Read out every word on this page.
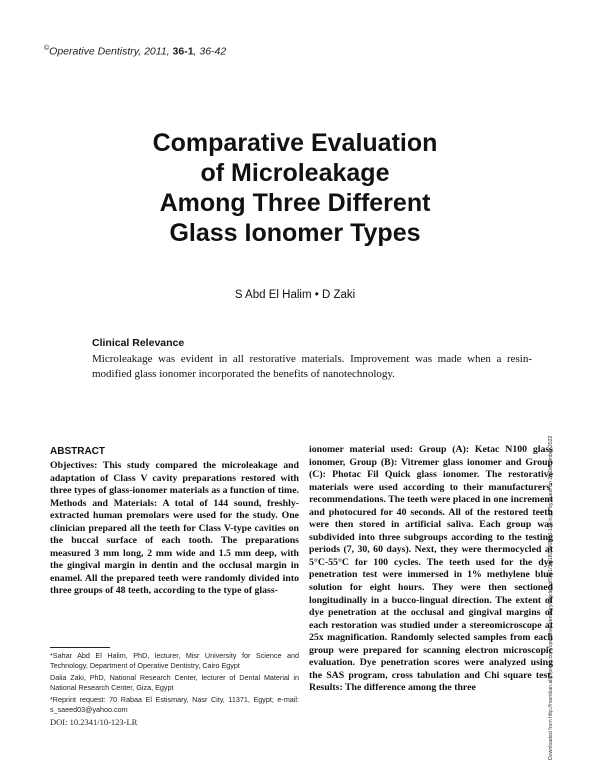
©Operative Dentistry, 2011, 36-1, 36-42
Comparative Evaluation
of Microleakage
Among Three Different
Glass Ionomer Types
S Abd El Halim • D Zaki
Clinical Relevance
Microleakage was evident in all restorative materials. Improvement was made when a resin-modified glass ionomer incorporated the benefits of nanotechnology.
Downloaded from http://meridian.allenpress.com/operative-dentistry/article-pdf/36/1/36/1822969/10-123-lr.pdf by guest on 23 December 2022
ABSTRACT
Objectives: This study compared the microleakage and adaptation of Class V cavity preparations restored with three types of glass-ionomer materials as a function of time. Methods and Materials: A total of 144 sound, freshly-extracted human premolars were used for the study. One clinician prepared all the teeth for Class V-type cavities on the buccal surface of each tooth. The preparations measured 3 mm long, 2 mm wide and 1.5 mm deep, with the gingival margin in dentin and the occlusal margin in enamel. All the prepared teeth were randomly divided into three groups of 48 teeth, according to the type of glass-
ionomer material used: Group (A): Ketac N100 glass ionomer, Group (B): Vitremer glass ionomer and Group (C): Photac Fil Quick glass ionomer. The restorative materials were used according to their manufacturers' recommendations. The teeth were placed in one increment and photocured for 40 seconds. All of the restored teeth were then stored in artificial saliva. Each group was subdivided into three subgroups according to the testing periods (7, 30, 60 days). Next, they were thermocycled at 5°C-55°C for 100 cycles. The teeth used for the dye penetration test were immersed in 1% methylene blue solution for eight hours. They were then sectioned longitudinally in a bucco-lingual direction. The extent of dye penetration at the occlusal and gingival margins of each restoration was studied under a stereomicroscope at 25x magnification. Randomly selected samples from each group were prepared for scanning electron microscopic evaluation. Dye penetration scores were analyzed using the SAS program, cross tabulation and Chi square test. Results: The difference among the three

*Sahar Abd El Halim, PhD, lecturer, Misr University for Science and Technology, Department of Operative Dentistry, Cairo Egypt

Dalia Zaki, PhD, National Research Center, lecturer of Dental Material in National Research Center, Giza, Egypt

*Reprint request: 70 Rabaa El Estismary, Nasr City, 11371, Egypt; e-mail: s_saeed03@yahoo.com

DOI: 10.2341/10-123-LR
